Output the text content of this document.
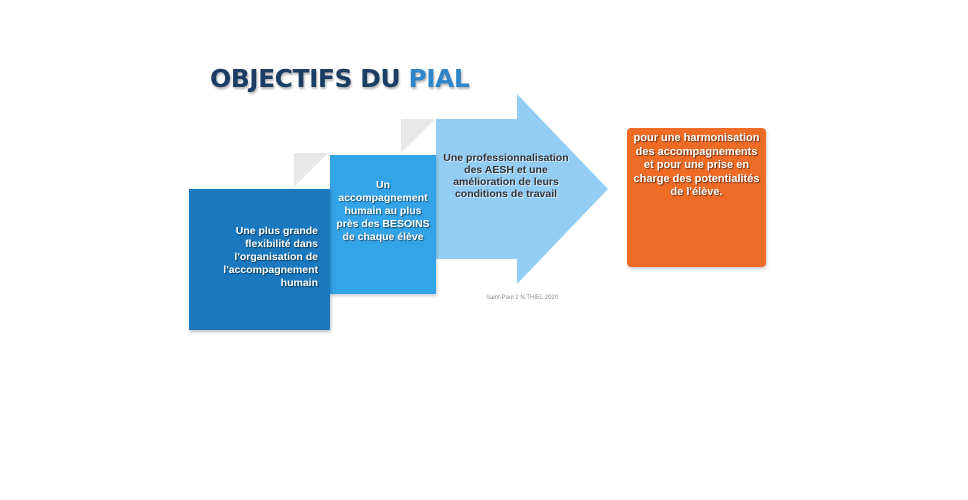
OBJECTIFS DU PIAL
Un accompagnement humain au plus près des BESOINS de chaque élève
Une plus grande flexibilité dans l'organisation de l'accompagnement humain
Une professionnalisation des AESH et une amélioration de leurs conditions de travail
pour une harmonisation des accompagnements et pour une prise en charge des potentialités de l'élève.
Saint-Paul 2 N.THIEL 2020
